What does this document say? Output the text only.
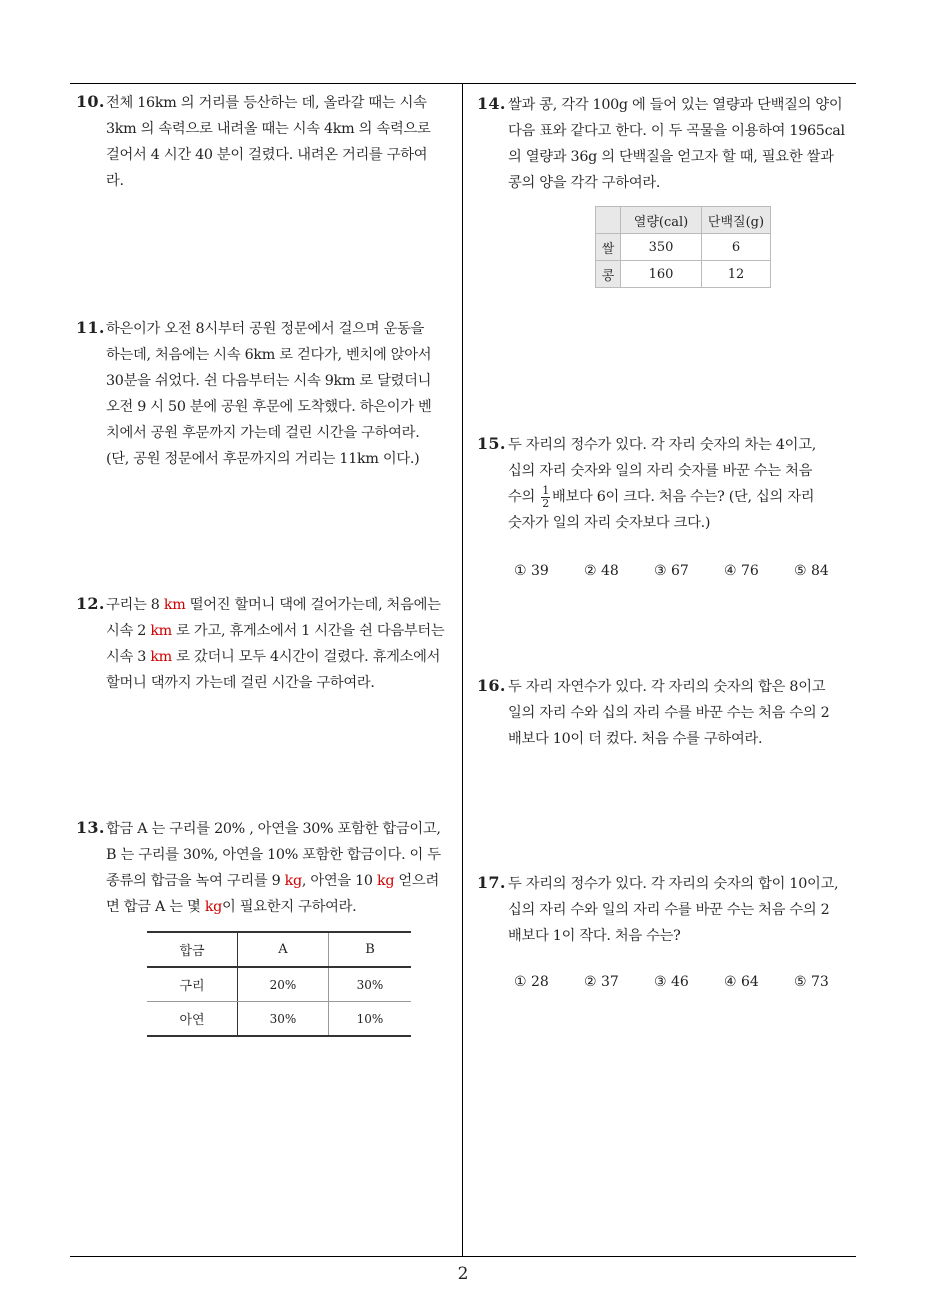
10. 전체 16km 의 거리를 등산하는 데, 올라갈 때는 시속

3km 의 속력으로 내려올 때는 시속 4km 의 속력으로

걸어서 4 시간 40 분이 걸렸다. 내려온 거리를 구하여

라.

11. 하은이가 오전 8시부터 공원 정문에서 걸으며 운동을

하는데, 처음에는 시속 6km 로 걷다가, 벤치에 앉아서

30분을 쉬었다. 쉰 다음부터는 시속 9km 로 달렸더니

오전 9 시 50 분에 공원 후문에 도착했다. 하은이가 벤

치에서 공원 후문까지 가는데 걸린 시간을 구하여라.

(단, 공원 정문에서 후문까지의 거리는 11km 이다.)

12. 구리는 8 km 떨어진 할머니 댁에 걸어가는데, 처음에는

시속 2 km 로 가고, 휴게소에서 1 시간을 쉰 다음부터는

시속 3 km 로 갔더니 모두 4시간이 걸렸다. 휴게소에서

할머니 댁까지 가는데 걸린 시간을 구하여라.

13. 합금 A 는 구리를 20% , 아연을 30% 포함한 합금이고,

B 는 구리를 30%, 아연을 10% 포함한 합금이다. 이 두

종류의 합금을 녹여 구리를 9 kg, 아연을 10 kg 얻으려

면 합금 A 는 몇 kg이 필요한지 구하여라.

합금	A	B
구리	20%	30%
아연	30%	10%
14. 쌀과 콩, 각각 100g 에 들어 있는 열량과 단백질의 양이

다음 표와 같다고 한다. 이 두 곡물을 이용하여 1965cal

의 열량과 36g 의 단백질을 얻고자 할 때, 필요한 쌀과

콩의 양을 각각 구하여라.

	열량(cal)	단백질(g)
쌀	350	6
콩	160	12
15. 두 자리의 정수가 있다. 각 자리 숫자의 차는 4이고,

십의 자리 숫자와 일의 자리 숫자를 바꾼 수는 처음

수의 $\frac{1}{2}$ 배보다 6이 크다. 처음 수는? (단, 십의 자리

숫자가 일의 자리 숫자보다 크다.)

① 39	② 48	③ 67	④ 76	⑤ 84
16. 두 자리 자연수가 있다. 각 자리의 숫자의 합은 8이고

일의 자리 수와 십의 자리 수를 바꾼 수는 처음 수의 2

배보다 10이 더 컸다. 처음 수를 구하여라.

17. 두 자리의 정수가 있다. 각 자리의 숫자의 합이 10이고,

십의 자리 수와 일의 자리 수를 바꾼 수는 처음 수의 2

배보다 1이 작다. 처음 수는?

① 28	② 37	③ 46	④ 64	⑤ 73
2
